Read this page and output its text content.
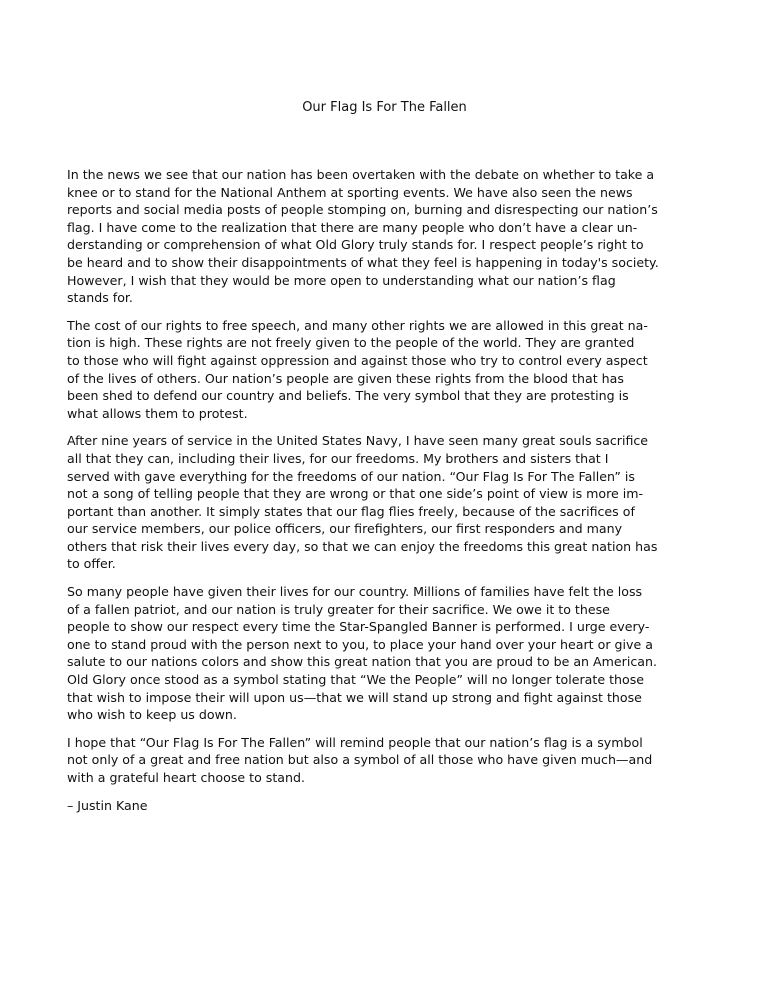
Our Flag Is For The Fallen

In the news we see that our nation has been overtaken with the debate on whether to take a
knee or to stand for the National Anthem at sporting events. We have also seen the news
reports and social media posts of people stomping on, burning and disrespecting our nation’s
flag. I have come to the realization that there are many people who don’t have a clear un-
derstanding or comprehension of what Old Glory truly stands for. I respect people’s right to
be heard and to show their disappointments of what they feel is happening in today's society.
However, I wish that they would be more open to understanding what our nation’s flag
stands for.

The cost of our rights to free speech, and many other rights we are allowed in this great na-
tion is high. These rights are not freely given to the people of the world. They are granted
to those who will fight against oppression and against those who try to control every aspect
of the lives of others. Our nation’s people are given these rights from the blood that has
been shed to defend our country and beliefs. The very symbol that they are protesting is
what allows them to protest.

After nine years of service in the United States Navy, I have seen many great souls sacrifice
all that they can, including their lives, for our freedoms. My brothers and sisters that I
served with gave everything for the freedoms of our nation. “Our Flag Is For The Fallen” is
not a song of telling people that they are wrong or that one side’s point of view is more im-
portant than another. It simply states that our flag flies freely, because of the sacrifices of
our service members, our police officers, our firefighters, our first responders and many
others that risk their lives every day, so that we can enjoy the freedoms this great nation has
to offer.

So many people have given their lives for our country. Millions of families have felt the loss
of a fallen patriot, and our nation is truly greater for their sacrifice. We owe it to these
people to show our respect every time the Star-Spangled Banner is performed. I urge every-
one to stand proud with the person next to you, to place your hand over your heart or give a
salute to our nations colors and show this great nation that you are proud to be an American.
Old Glory once stood as a symbol stating that “We the People” will no longer tolerate those
that wish to impose their will upon us—that we will stand up strong and fight against those
who wish to keep us down.

I hope that “Our Flag Is For The Fallen” will remind people that our nation’s flag is a symbol
not only of a great and free nation but also a symbol of all those who have given much—and
with a grateful heart choose to stand.

– Justin Kane
